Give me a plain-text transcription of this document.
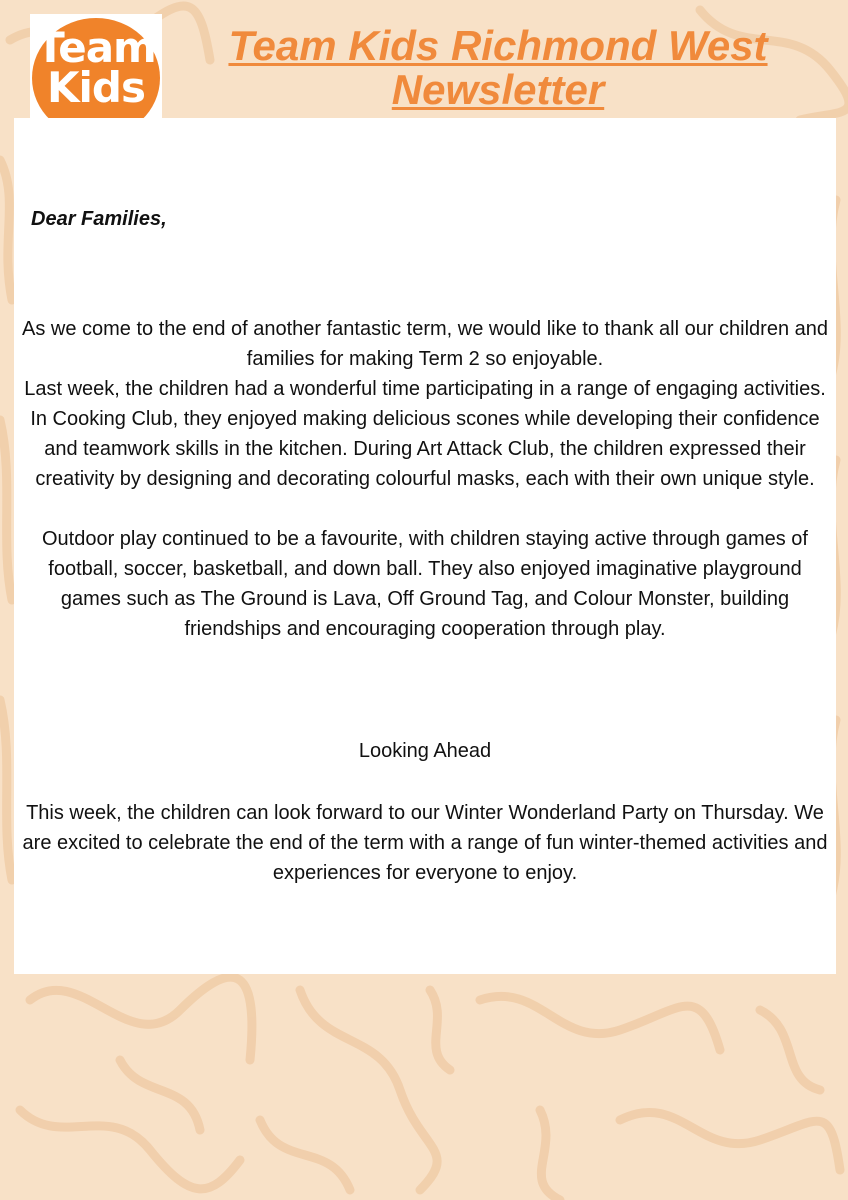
Team
Kids
Team Kids Richmond West
Newsletter
Dear Families,
As we come to the end of another fantastic term, we would like to thank all our children and families for making Term 2 so enjoyable.
Last week, the children had a wonderful time participating in a range of engaging activities. In Cooking Club, they enjoyed making delicious scones while developing their confidence and teamwork skills in the kitchen. During Art Attack Club, the children expressed their creativity by designing and decorating colourful masks, each with their own unique style.
Outdoor play continued to be a favourite, with children staying active through games of football, soccer, basketball, and down ball. They also enjoyed imaginative playground games such as The Ground is Lava, Off Ground Tag, and Colour Monster, building friendships and encouraging cooperation through play.
Looking Ahead
This week, the children can look forward to our Winter Wonderland Party on Thursday. We are excited to celebrate the end of the term with a range of fun winter-themed activities and experiences for everyone to enjoy.
